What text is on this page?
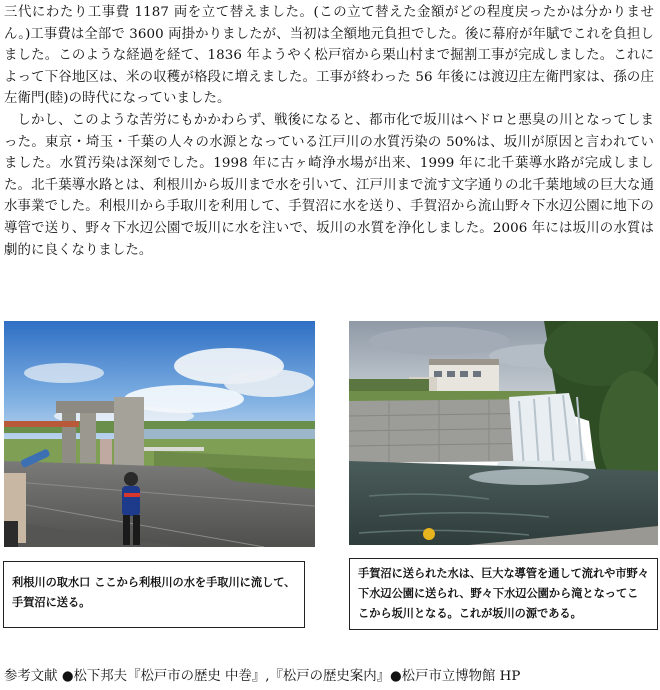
三代にわたり工事費 1187 両を立て替えました。(この立て替えた金額がどの程度戻ったかは分かりません。)工事費は全部で 3600 両掛かりましたが、当初は全額地元負担でした。後に幕府が年賦でこれを負担しました。このような経過を経て、1836 年ようやく松戸宿から栗山村まで掘割工事が完成しました。これによって下谷地区は、米の収穫が格段に増えました。工事が終わった 56 年後には渡辺庄左衛門家は、孫の庄左衛門(睦)の時代になっていました。

しかし、このような苦労にもかかわらず、戦後になると、都市化で坂川はヘドロと悪臭の川となってしまった。東京・埼玉・千葉の人々の水源となっている江戸川の水質汚染の 50%は、坂川が原因と言われていました。水質汚染は深刻でした。1998 年に古ヶ崎浄水場が出来、1999 年に北千葉導水路が完成しました。北千葉導水路とは、利根川から坂川まで水を引いて、江戸川まで流す文字通りの北千葉地域の巨大な通水事業でした。利根川から手取川を利用して、手賀沼に水を送り、手賀沼から流山野々下水辺公園に地下の導管で送り、野々下水辺公園で坂川に水を注いで、坂川の水質を浄化しました。2006 年には坂川の水質は劇的に良くなりました。

利根川の取水口 ここから利根川の水を手取川に流して、手賀沼に送る。
手賀沼に送られた水は、巨大な導管を通して流れや市野々下水辺公園に送られ、野々下水辺公園から滝となってここから坂川となる。これが坂川の源である。
参考文献 ●松下邦夫『松戸市の歴史 中巻』,『松戸の歴史案内』●松戸市立博物館 HP
